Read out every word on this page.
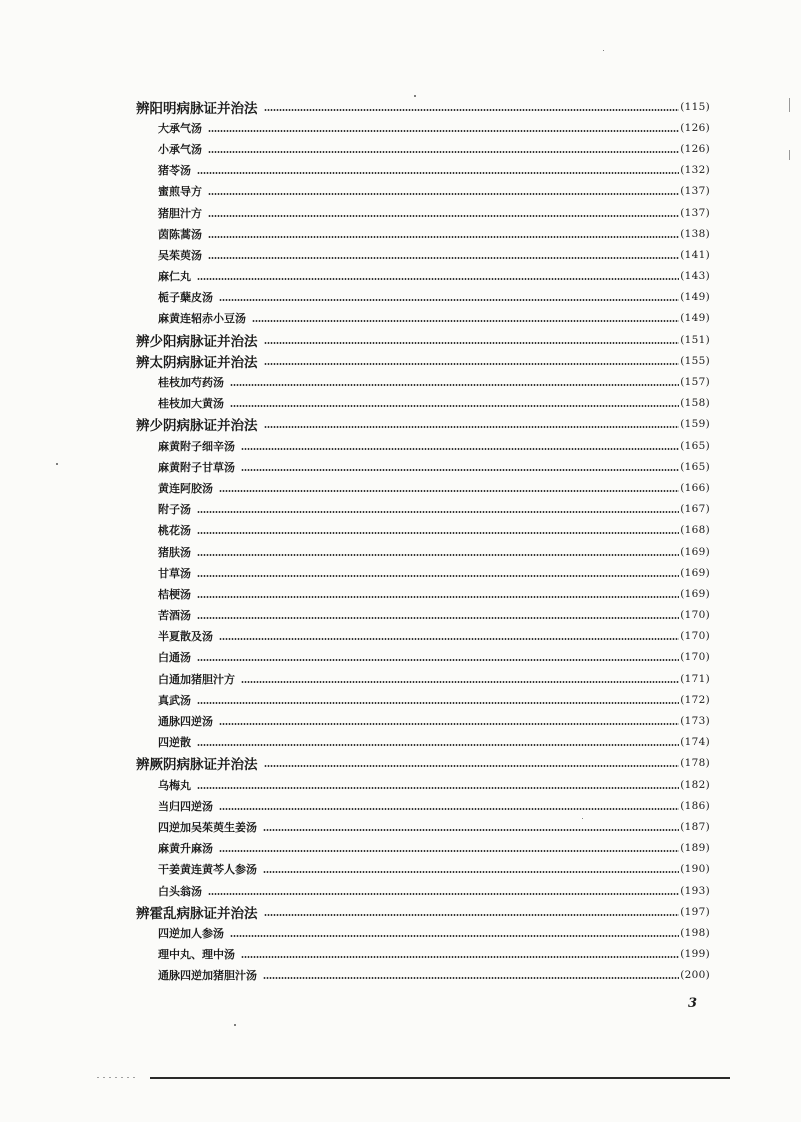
辨阳明病脉证并治法	(115)
大承气汤	(126)
小承气汤	(126)
猪苓汤	(132)
蜜煎导方	(137)
猪胆汁方	(137)
茵陈蒿汤	(138)
吴茱萸汤	(141)
麻仁丸	(143)
栀子蘖皮汤	(149)
麻黄连轺赤小豆汤	(149)
辨少阳病脉证并治法	(151)
辨太阴病脉证并治法	(155)
桂枝加芍药汤	(157)
桂枝加大黄汤	(158)
辨少阴病脉证并治法	(159)
麻黄附子细辛汤	(165)
麻黄附子甘草汤	(165)
黄连阿胶汤	(166)
附子汤	(167)
桃花汤	(168)
猪肤汤	(169)
甘草汤	(169)
桔梗汤	(169)
苦酒汤	(170)
半夏散及汤	(170)
白通汤	(170)
白通加猪胆汁方	(171)
真武汤	(172)
通脉四逆汤	(173)
四逆散	(174)
辨厥阴病脉证并治法	(178)
乌梅丸	(182)
当归四逆汤	(186)
四逆加吴茱萸生姜汤	(187)
麻黄升麻汤	(189)
干姜黄连黄芩人参汤	(190)
白头翁汤	(193)
辨霍乱病脉证并治法	(197)
四逆加人参汤	(198)
理中丸、理中汤	(199)
通脉四逆加猪胆汁汤	(200)
3
